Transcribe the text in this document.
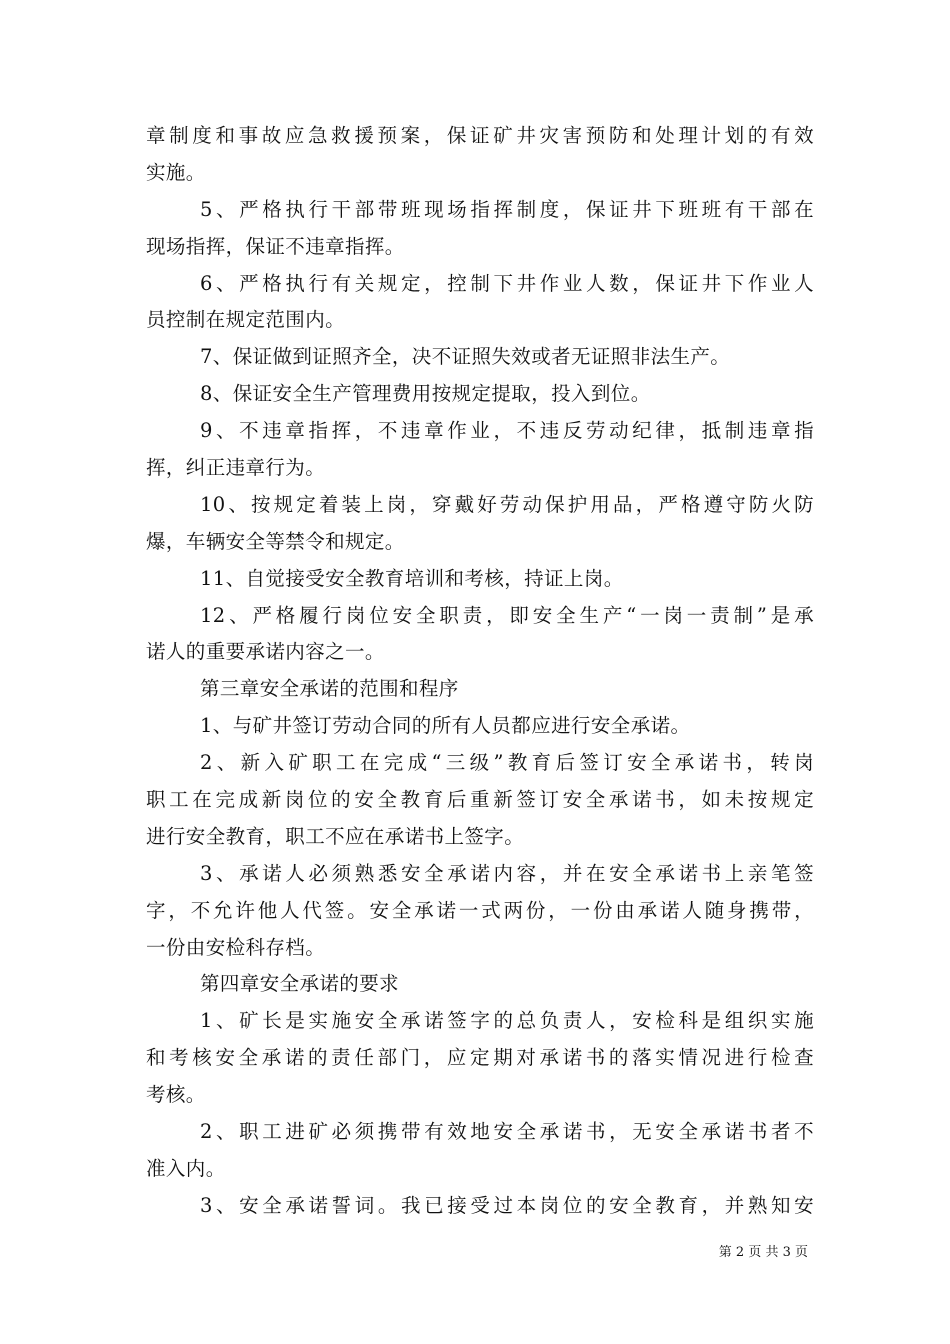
章制度和事故应急救援预案，保证矿井灾害预防和处理计划的有效
实施。
5、严格执行干部带班现场指挥制度，保证井下班班有干部在
现场指挥，保证不违章指挥。
6、严格执行有关规定，控制下井作业人数，保证井下作业人
员控制在规定范围内。
7、保证做到证照齐全，决不证照失效或者无证照非法生产。
8、保证安全生产管理费用按规定提取，投入到位。
9、不违章指挥，不违章作业，不违反劳动纪律，抵制违章指
挥，纠正违章行为。
10、按规定着装上岗，穿戴好劳动保护用品，严格遵守防火防
爆，车辆安全等禁令和规定。
11、自觉接受安全教育培训和考核，持证上岗。
12、严格履行岗位安全职责，即安全生产“一岗一责制”是承
诺人的重要承诺内容之一。
第三章安全承诺的范围和程序
1、与矿井签订劳动合同的所有人员都应进行安全承诺。
2、新入矿职工在完成“三级”教育后签订安全承诺书，转岗
职工在完成新岗位的安全教育后重新签订安全承诺书，如未按规定
进行安全教育，职工不应在承诺书上签字。
3、承诺人必须熟悉安全承诺内容，并在安全承诺书上亲笔签
字，不允许他人代签。安全承诺一式两份，一份由承诺人随身携带，
一份由安检科存档。
第四章安全承诺的要求
1、矿长是实施安全承诺签字的总负责人，安检科是组织实施
和考核安全承诺的责任部门，应定期对承诺书的落实情况进行检查
考核。
2、职工进矿必须携带有效地安全承诺书，无安全承诺书者不
准入内。
3、安全承诺誓词。我已接受过本岗位的安全教育，并熟知安
第 2 页 共 3 页
